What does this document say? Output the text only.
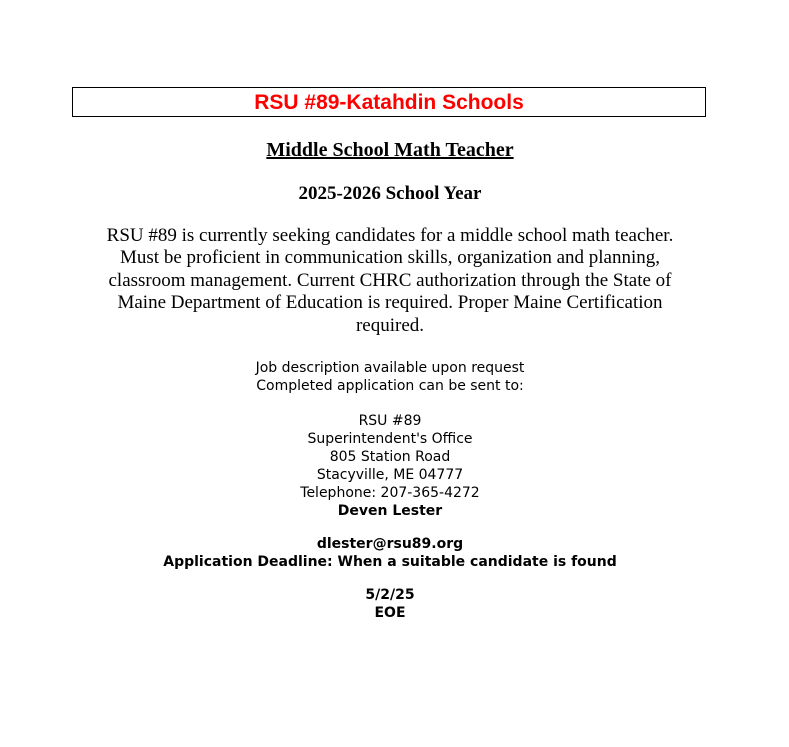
RSU #89-Katahdin Schools
Middle School Math Teacher
2025-2026 School Year
RSU #89 is currently seeking candidates for a middle school math teacher.
Must be proficient in communication skills, organization and planning,
classroom management. Current CHRC authorization through the State of
Maine Department of Education is required. Proper Maine Certification
required.
Job description available upon request
Completed application can be sent to:
RSU #89
Superintendent's Office
805 Station Road
Stacyville, ME 04777
Telephone: 207-365-4272
Deven Lester
dlester@rsu89.org
Application Deadline: When a suitable candidate is found
5/2/25
EOE
